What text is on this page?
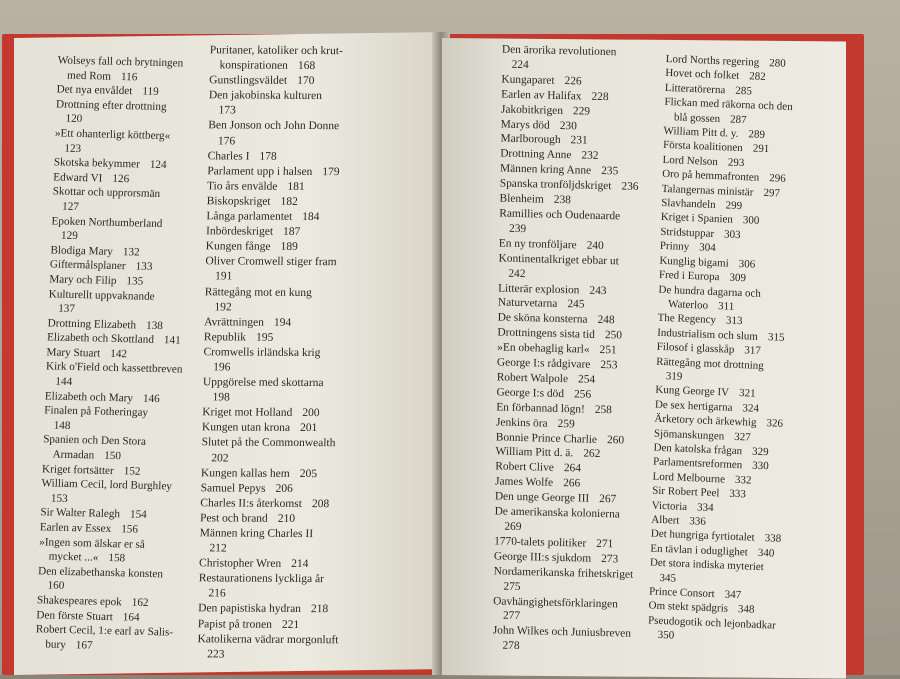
Wolseys fall och brytningen
med Rom 116

Det nya envåldet 119

Drottning efter drottning
120

»Ett ohanterligt köttberg«
123

Skotska bekymmer 124

Edward VI 126

Skottar och upprorsmän
127

Epoken Northumberland
129

Blodiga Mary 132

Giftermålsplaner 133

Mary och Filip 135

Kulturellt uppvaknande
137

Drottning Elizabeth 138

Elizabeth och Skottland 141

Mary Stuart 142

Kirk o'Field och kassettbreven
144

Elizabeth och Mary 146

Finalen på Fotheringay
148

Spanien och Den Stora
Armadan 150

Kriget fortsätter 152

William Cecil, lord Burghley
153

Sir Walter Ralegh 154

Earlen av Essex 156

»Ingen som älskar er så
mycket ...« 158

Den elizabethanska konsten
160

Shakespeares epok 162

Den förste Stuart 164

Robert Cecil, 1:e earl av Salis-
bury 167

Puritaner, katoliker och krut-
konspirationen 168

Gunstlingsväldet 170

Den jakobinska kulturen
173

Ben Jonson och John Donne
176

Charles I 178

Parlament upp i halsen 179

Tio års envälde 181

Biskopskriget 182

Långa parlamentet 184

Inbördeskriget 187

Kungen fånge 189

Oliver Cromwell stiger fram
191

Rättegång mot en kung
192

Avrättningen 194

Republik 195

Cromwells irländska krig
196

Uppgörelse med skottarna
198

Kriget mot Holland 200

Kungen utan krona 201

Slutet på the Commonwealth
202

Kungen kallas hem 205

Samuel Pepys 206

Charles II:s återkomst 208

Pest och brand 210

Männen kring Charles II
212

Christopher Wren 214

Restaurationens lyckliga år
216

Den papistiska hydran 218

Papist på tronen 221

Katolikerna vädrar morgonluft
223

Den ärorika revolutionen
224

Kungaparet 226

Earlen av Halifax 228

Jakobitkrigen 229

Marys död 230

Marlborough 231

Drottning Anne 232

Männen kring Anne 235

Spanska tronföljdskriget 236

Blenheim 238

Ramillies och Oudenaarde
239

En ny tronföljare 240

Kontinentalkriget ebbar ut
242

Litterär explosion 243

Naturvetarna 245

De sköna konsterna 248

Drottningens sista tid 250

»En obehaglig karl« 251

George I:s rådgivare 253

Robert Walpole 254

George I:s död 256

En förbannad lögn! 258

Jenkins öra 259

Bonnie Prince Charlie 260

William Pitt d. ä. 262

Robert Clive 264

James Wolfe 266

Den unge George III 267

De amerikanska kolonierna
269

1770-talets politiker 271

George III:s sjukdom 273

Nordamerikanska frihetskriget
275

Oavhängighetsförklaringen
277

John Wilkes och Juniusbreven
278

Lord Norths regering 280

Hovet och folket 282

Litteratörerna 285

Flickan med räkorna och den
blå gossen 287

William Pitt d. y. 289

Första koalitionen 291

Lord Nelson 293

Oro på hemmafronten 296

Talangernas ministär 297

Slavhandeln 299

Kriget i Spanien 300

Stridstuppar 303

Prinny 304

Kunglig bigami 306

Fred i Europa 309

De hundra dagarna och
Waterloo 311

The Regency 313

Industrialism och slum 315

Filosof i glasskåp 317

Rättegång mot drottning
319

Kung George IV 321

De sex hertigarna 324

Ärketory och ärkewhig 326

Sjömanskungen 327

Den katolska frågan 329

Parlamentsreformen 330

Lord Melbourne 332

Sir Robert Peel 333

Victoria 334

Albert 336

Det hungriga fyrtiotalet 338

En tävlan i oduglighet 340

Det stora indiska myteriet
345

Prince Consort 347

Om stekt spädgris 348

Pseudogotik och lejonbadkar
350
